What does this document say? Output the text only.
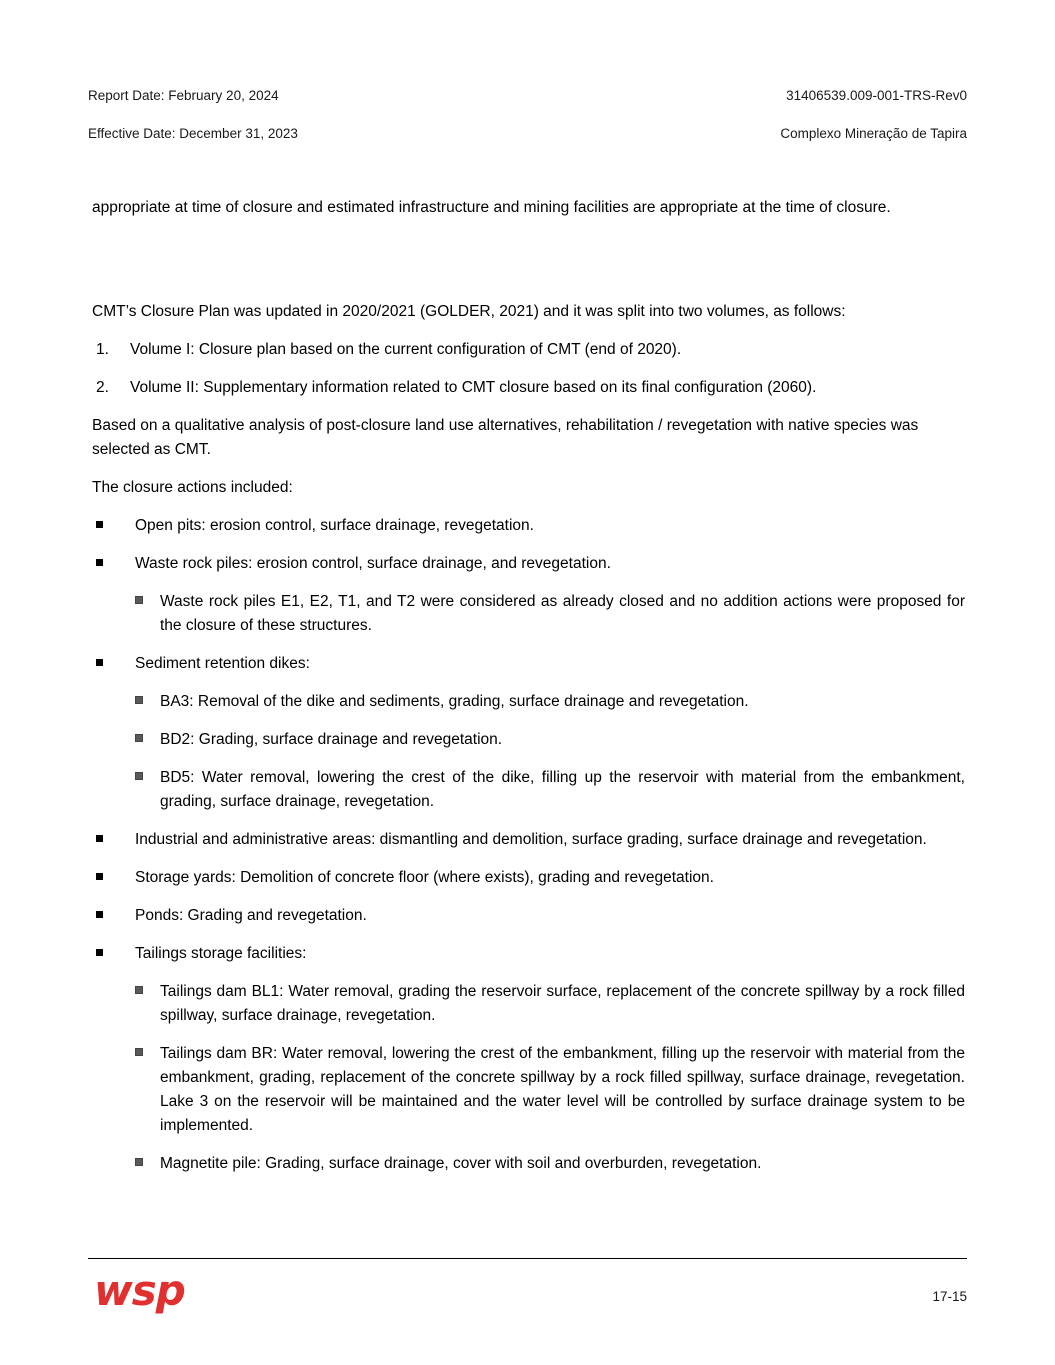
Report Date: February 20, 2024	31406539.009-001-TRS-Rev0
Effective Date: December 31, 2023	Complexo Mineração de Tapira

appropriate at time of closure and estimated infrastructure and mining facilities are appropriate at the time of closure.

CMT’s Closure Plan was updated in 2020/2021 (GOLDER, 2021) and it was split into two volumes, as follows:

1. Volume I: Closure plan based on the current configuration of CMT (end of 2020).
2. Volume II: Supplementary information related to CMT closure based on its final configuration (2060).

Based on a qualitative analysis of post-closure land use alternatives, rehabilitation / revegetation with native species was selected as CMT.

The closure actions included:

Open pits: erosion control, surface drainage, revegetation.
Waste rock piles: erosion control, surface drainage, and revegetation.
Waste rock piles E1, E2, T1, and T2 were considered as already closed and no addition actions were proposed for the closure of these structures.
Sediment retention dikes:
BA3: Removal of the dike and sediments, grading, surface drainage and revegetation.
BD2: Grading, surface drainage and revegetation.
BD5: Water removal, lowering the crest of the dike, filling up the reservoir with material from the embankment, grading, surface drainage, revegetation.
Industrial and administrative areas: dismantling and demolition, surface grading, surface drainage and revegetation.
Storage yards: Demolition of concrete floor (where exists), grading and revegetation.
Ponds: Grading and revegetation.
Tailings storage facilities:
Tailings dam BL1: Water removal, grading the reservoir surface, replacement of the concrete spillway by a rock filled spillway, surface drainage, revegetation.
Tailings dam BR: Water removal, lowering the crest of the embankment, filling up the reservoir with material from the embankment, grading, replacement of the concrete spillway by a rock filled spillway, surface drainage, revegetation. Lake 3 on the reservoir will be maintained and the water level will be controlled by surface drainage system to be implemented.
Magnetite pile: Grading, surface drainage, cover with soil and overburden, revegetation.
wsp	17-15
